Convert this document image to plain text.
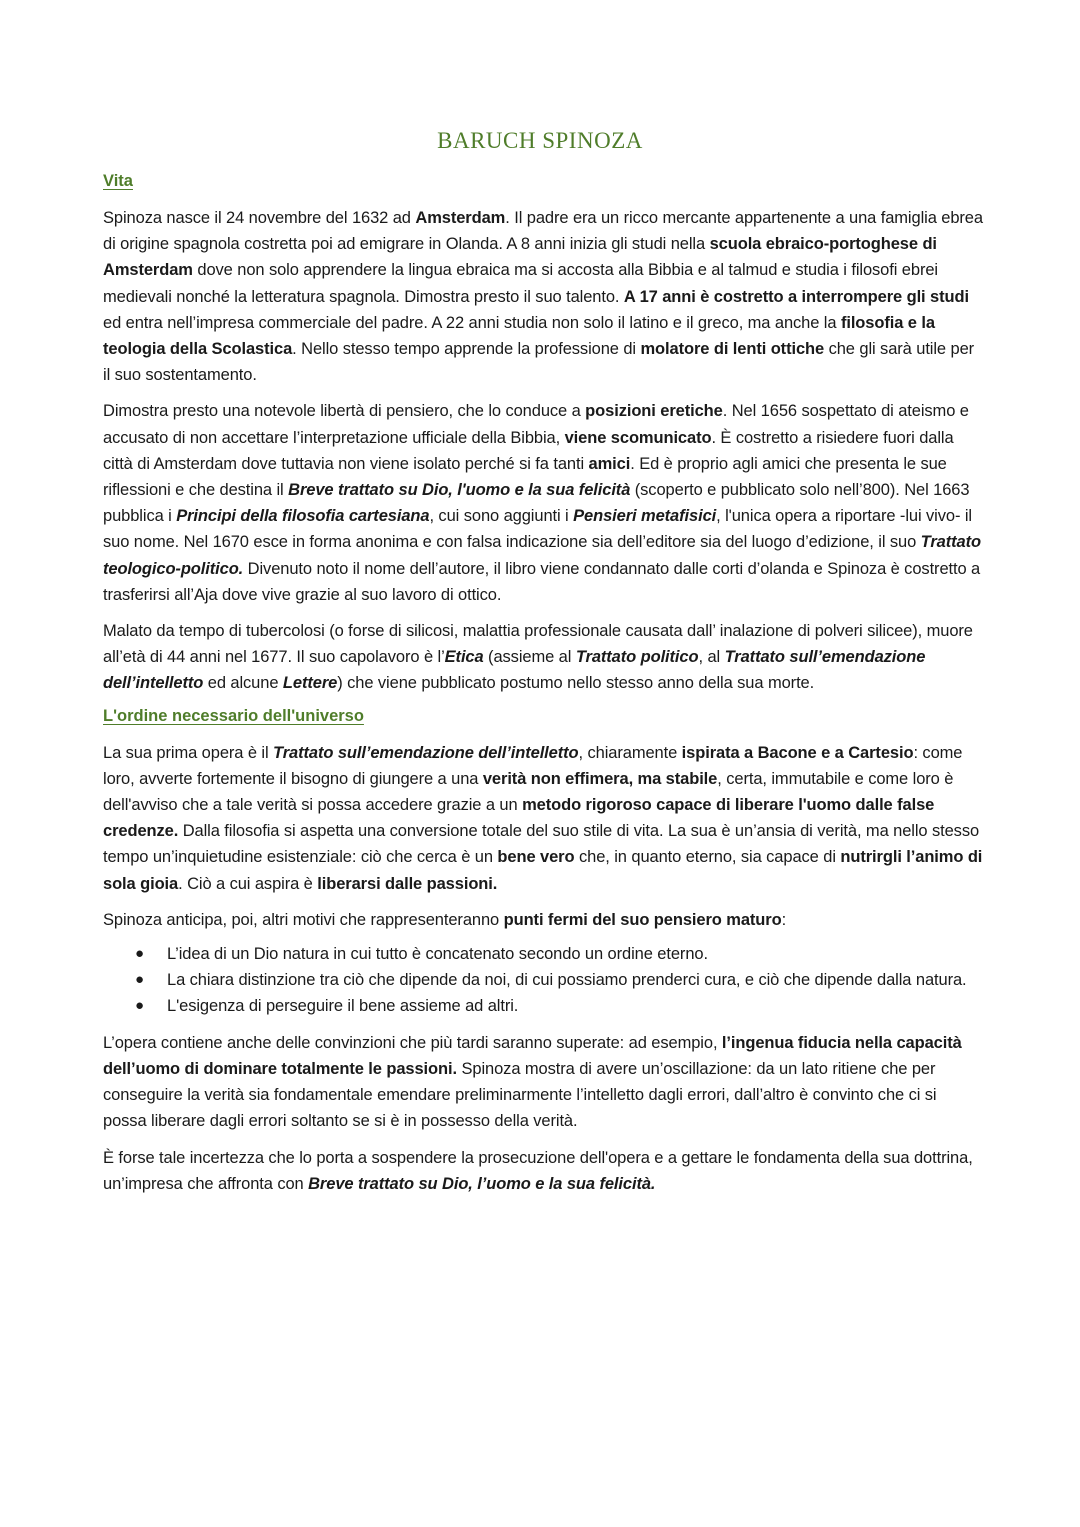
BARUCH SPINOZA
Vita

Spinoza nasce il 24 novembre del 1632 ad Amsterdam. Il padre era un ricco mercante appartenente a una famiglia ebrea di origine spagnola costretta poi ad emigrare in Olanda. A 8 anni inizia gli studi nella scuola ebraico-portoghese di Amsterdam dove non solo apprendere la lingua ebraica ma si accosta alla Bibbia e al talmud e studia i filosofi ebrei medievali nonché la letteratura spagnola. Dimostra presto il suo talento. A 17 anni è costretto a interrompere gli studi ed entra nell’impresa commerciale del padre. A 22 anni studia non solo il latino e il greco, ma anche la filosofia e la teologia della Scolastica. Nello stesso tempo apprende la professione di molatore di lenti ottiche che gli sarà utile per il suo sostentamento.

Dimostra presto una notevole libertà di pensiero, che lo conduce a posizioni eretiche. Nel 1656 sospettato di ateismo e accusato di non accettare l’interpretazione ufficiale della Bibbia, viene scomunicato. È costretto a risiedere fuori dalla città di Amsterdam dove tuttavia non viene isolato perché si fa tanti amici. Ed è proprio agli amici che presenta le sue riflessioni e che destina il Breve trattato su Dio, l'uomo e la sua felicità (scoperto e pubblicato solo nell’800). Nel 1663 pubblica i Principi della filosofia cartesiana, cui sono aggiunti i Pensieri metafisici, l'unica opera a riportare -lui vivo- il suo nome. Nel 1670 esce in forma anonima e con falsa indicazione sia dell’editore sia del luogo d’edizione, il suo Trattato teologico-politico. Divenuto noto il nome dell’autore, il libro viene condannato dalle corti d’olanda e Spinoza è costretto a trasferirsi all’Aja dove vive grazie al suo lavoro di ottico.

Malato da tempo di tubercolosi (o forse di silicosi, malattia professionale causata dall’ inalazione di polveri silicee), muore all’età di 44 anni nel 1677. Il suo capolavoro è l’Etica (assieme al Trattato politico, al Trattato sull’emendazione dell’intelletto ed alcune Lettere) che viene pubblicato postumo nello stesso anno della sua morte.

L'ordine necessario dell'universo

La sua prima opera è il Trattato sull’emendazione dell’intelletto, chiaramente ispirata a Bacone e a Cartesio: come loro, avverte fortemente il bisogno di giungere a una verità non effimera, ma stabile, certa, immutabile e come loro è dell'avviso che a tale verità si possa accedere grazie a un metodo rigoroso capace di liberare l'uomo dalle false credenze. Dalla filosofia si aspetta una conversione totale del suo stile di vita. La sua è un’ansia di verità, ma nello stesso tempo un’inquietudine esistenziale: ciò che cerca è un bene vero che, in quanto eterno, sia capace di nutrirgli l’animo di sola gioia. Ciò a cui aspira è liberarsi dalle passioni.

Spinoza anticipa, poi, altri motivi che rappresenteranno punti fermi del suo pensiero maturo:

● L’idea di un Dio natura in cui tutto è concatenato secondo un ordine eterno.
● La chiara distinzione tra ciò che dipende da noi, di cui possiamo prenderci cura, e ciò che dipende dalla natura.
● L'esigenza di perseguire il bene assieme ad altri.

L’opera contiene anche delle convinzioni che più tardi saranno superate: ad esempio, l’ingenua fiducia nella capacità dell’uomo di dominare totalmente le passioni. Spinoza mostra di avere un’oscillazione: da un lato ritiene che per conseguire la verità sia fondamentale emendare preliminarmente l’intelletto dagli errori, dall’altro è convinto che ci si possa liberare dagli errori soltanto se si è in possesso della verità.

È forse tale incertezza che lo porta a sospendere la prosecuzione dell'opera e a gettare le fondamenta della sua dottrina, un’impresa che affronta con Breve trattato su Dio, l’uomo e la sua felicità.
